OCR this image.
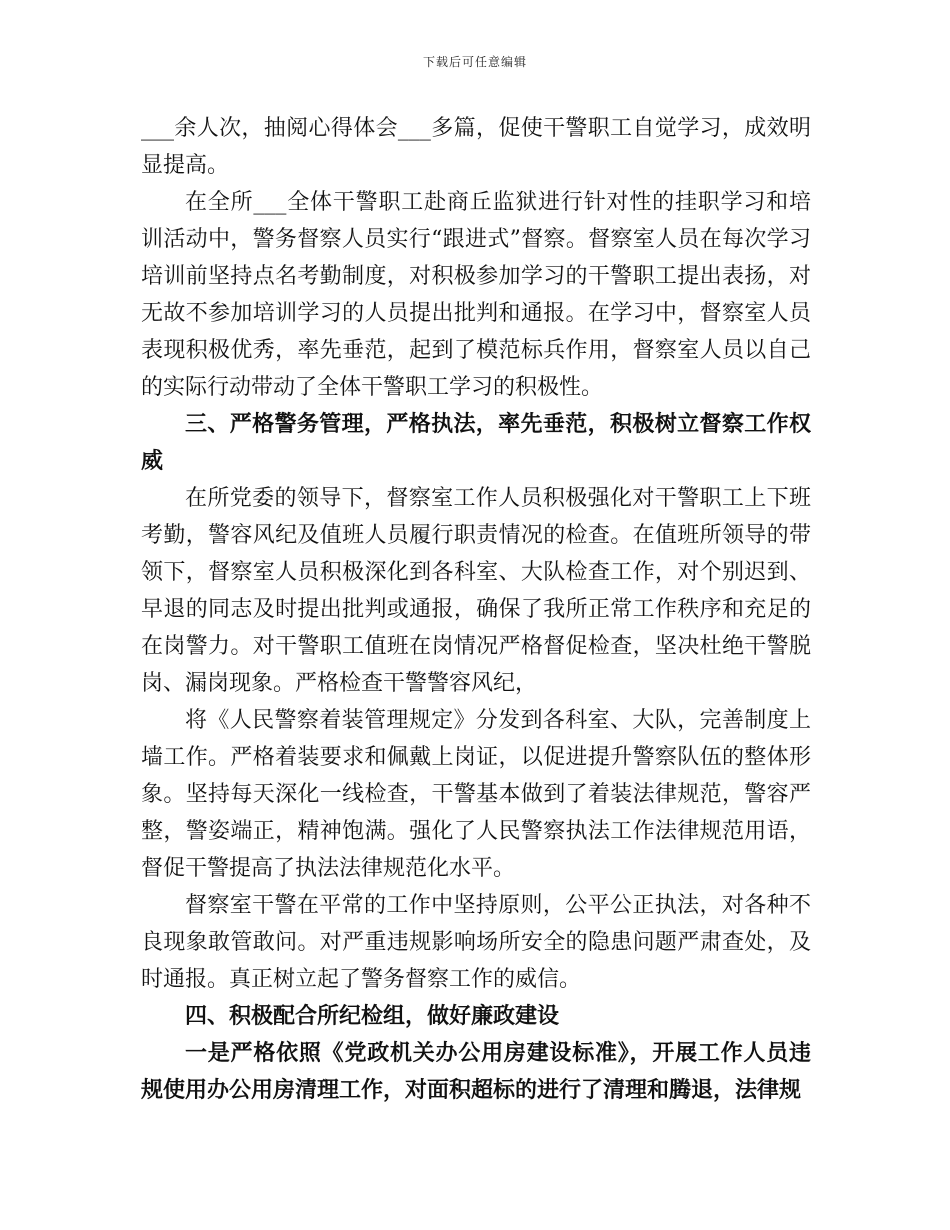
下载后可任意编辑

___余人次，抽阅心得体会___多篇，促使干警职工自觉学习，成效明显提高。

在全所___全体干警职工赴商丘监狱进行针对性的挂职学习和培训活动中，警务督察人员实行“跟进式”督察。督察室人员在每次学习培训前坚持点名考勤制度，对积极参加学习的干警职工提出表扬，对无故不参加培训学习的人员提出批判和通报。在学习中，督察室人员表现积极优秀，率先垂范，起到了模范标兵作用，督察室人员以自己的实际行动带动了全体干警职工学习的积极性。

三、严格警务管理，严格执法，率先垂范，积极树立督察工作权威

在所党委的领导下，督察室工作人员积极强化对干警职工上下班考勤，警容风纪及值班人员履行职责情况的检查。在值班所领导的带领下，督察室人员积极深化到各科室、大队检查工作，对个别迟到、早退的同志及时提出批判或通报，确保了我所正常工作秩序和充足的在岗警力。对干警职工值班在岗情况严格督促检查，坚决杜绝干警脱岗、漏岗现象。严格检查干警警容风纪，

将《人民警察着装管理规定》分发到各科室、大队，完善制度上墙工作。严格着装要求和佩戴上岗证，以促进提升警察队伍的整体形象。坚持每天深化一线检查，干警基本做到了着装法律规范，警容严整，警姿端正，精神饱满。强化了人民警察执法工作法律规范用语，督促干警提高了执法法律规范化水平。

督察室干警在平常的工作中坚持原则，公平公正执法，对各种不良现象敢管敢问。对严重违规影响场所安全的隐患问题严肃查处，及时通报。真正树立起了警务督察工作的威信。

四、积极配合所纪检组，做好廉政建设

一是严格依照《党政机关办公用房建设标准》，开展工作人员违规使用办公用房清理工作，对面积超标的进行了清理和腾退，法律规
